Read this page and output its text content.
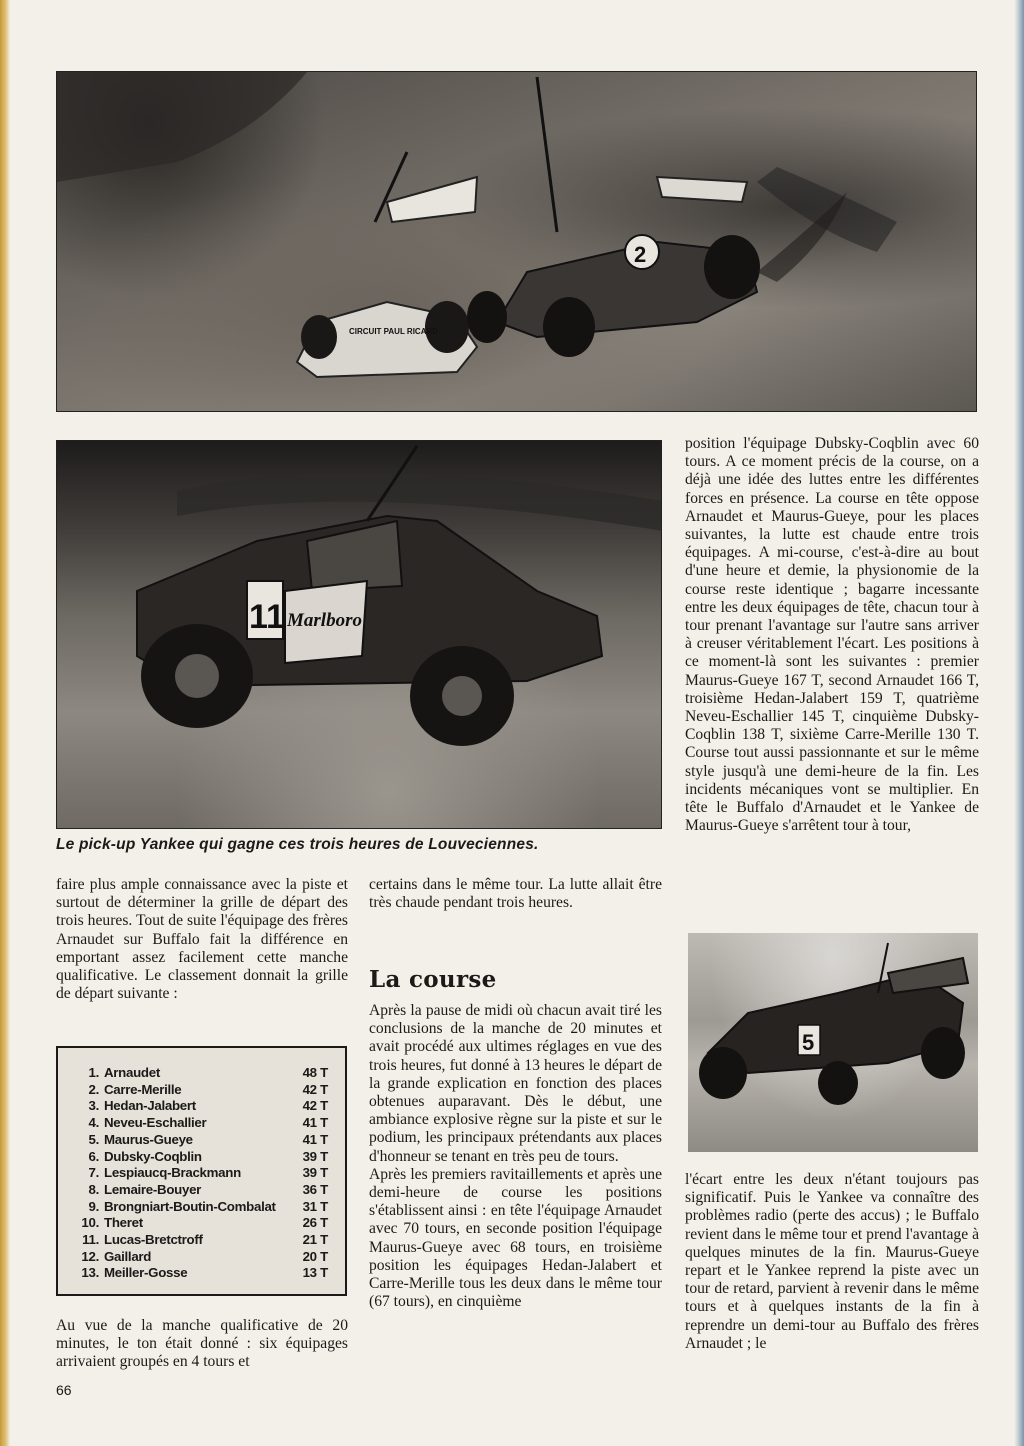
CIRCUIT PAUL RICARD
2
11 Marlboro
Le pick-up Yankee qui gagne ces trois heures de Louveciennes.

faire plus ample connaissance avec la piste et surtout de déterminer la grille de départ des trois heures. Tout de suite l'équipage des frères Arnaudet sur Buffalo fait la différence en emportant assez facilement cette manche qualificative. Le classement donnait la grille de départ suivante :

1. Arnaudet	48 T
2. Carre-Merille	42 T
3. Hedan-Jalabert	42 T
4. Neveu-Eschallier	41 T
5. Maurus-Gueye	41 T
6. Dubsky-Coqblin	39 T
7. Lespiaucq-Brackmann	39 T
8. Lemaire-Bouyer	36 T
9. Brongniart-Boutin-Combalat 31 T
10. Theret	26 T
11. Lucas-Bretctroff	21 T
12. Gaillard	20 T
13. Meiller-Gosse	13 T

Au vue de la manche qualificative de 20 minutes, le ton était donné : six équipages arrivaient groupés en 4 tours et

certains dans le même tour. La lutte allait être très chaude pendant trois heures.

La course

Après la pause de midi où chacun avait tiré les conclusions de la manche de 20 minutes et avait procédé aux ultimes réglages en vue des trois heures, fut donné à 13 heures le départ de la grande explication en fonction des places obtenues auparavant. Dès le début, une ambiance explosive règne sur la piste et sur le podium, les principaux prétendants aux places d'honneur se tenant en très peu de tours.

Après les premiers ravitaillements et après une demi-heure de course les positions s'établissent ainsi : en tête l'équipage Arnaudet avec 70 tours, en seconde position l'équipage Maurus-Gueye avec 68 tours, en troisième position les équipages Hedan-Jalabert et Carre-Merille tous les deux dans le même tour (67 tours), en cinquième

position l'équipage Dubsky-Coqblin avec 60 tours. A ce moment précis de la course, on a déjà une idée des luttes entre les différentes forces en présence. La course en tête oppose Arnaudet et Maurus-Gueye, pour les places suivantes, la lutte est chaude entre trois équipages. A mi-course, c'est-à-dire au bout d'une heure et demie, la physionomie de la course reste identique ; bagarre incessante entre les deux équipages de tête, chacun tour à tour prenant l'avantage sur l'autre sans arriver à creuser véritablement l'écart. Les positions à ce moment-là sont les suivantes : premier Maurus-Gueye 167 T, second Arnaudet 166 T, troisième Hedan-Jalabert 159 T, quatrième Neveu-Eschallier 145 T, cinquième Dubsky-Coqblin 138 T, sixième Carre-Merille 130 T. Course tout aussi passionnante et sur le même style jusqu'à une demi-heure de la fin. Les incidents mécaniques vont se multiplier. En tête le Buffalo d'Arnaudet et le Yankee de Maurus-Gueye s'arrêtent tour à tour,

5

l'écart entre les deux n'étant toujours pas significatif. Puis le Yankee va connaître des problèmes radio (perte des accus) ; le Buffalo revient dans le même tour et prend l'avantage à quelques minutes de la fin. Maurus-Gueye repart et le Yankee reprend la piste avec un tour de retard, parvient à revenir dans le même tours et à quelques instants de la fin à reprendre un demi-tour au Buffalo des frères Arnaudet ; le

66
